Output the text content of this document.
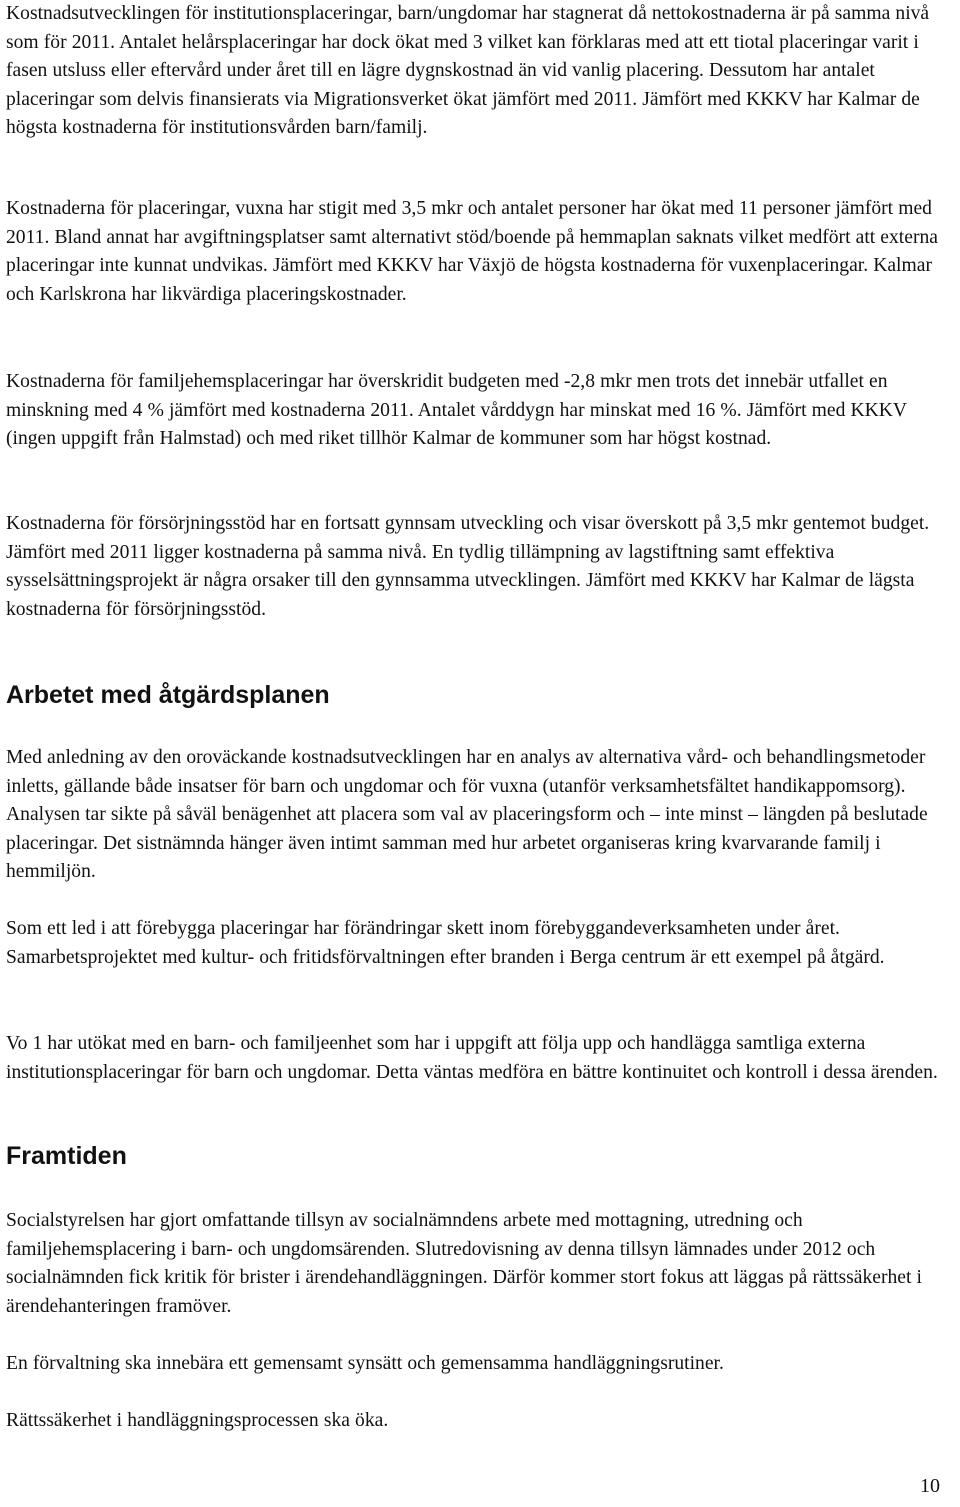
Kostnadsutvecklingen för institutionsplaceringar, barn/ungdomar har stagnerat då nettokostnaderna är på samma nivå som för 2011. Antalet helårsplaceringar har dock ökat med 3 vilket kan förklaras med att ett tiotal placeringar varit i fasen utsluss eller eftervård under året till en lägre dygnskostnad än vid vanlig placering. Dessutom har antalet placeringar som delvis finansierats via Migrationsverket ökat jämfört med 2011. Jämfört med KKKV har Kalmar de högsta kostnaderna för institutionsvården barn/familj.

Kostnaderna för placeringar, vuxna har stigit med 3,5 mkr och antalet personer har ökat med 11 personer jämfört med 2011. Bland annat har avgiftningsplatser samt alternativt stöd/boende på hemmaplan saknats vilket medfört att externa placeringar inte kunnat undvikas. Jämfört med KKKV har Växjö de högsta kostnaderna för vuxenplaceringar. Kalmar och Karlskrona har likvärdiga placeringskostnader.

Kostnaderna för familjehemsplaceringar har överskridit budgeten med -2,8 mkr men trots det innebär utfallet en minskning med 4 % jämfört med kostnaderna 2011. Antalet vårddygn har minskat med 16 %. Jämfört med KKKV (ingen uppgift från Halmstad) och med riket tillhör Kalmar de kommuner som har högst kostnad.

Kostnaderna för försörjningsstöd har en fortsatt gynnsam utveckling och visar överskott på 3,5 mkr gentemot budget. Jämfört med 2011 ligger kostnaderna på samma nivå. En tydlig tillämpning av lagstiftning samt effektiva sysselsättningsprojekt är några orsaker till den gynnsamma utvecklingen. Jämfört med KKKV har Kalmar de lägsta kostnaderna för försörjningsstöd.

Arbetet med åtgärdsplanen

Med anledning av den oroväckande kostnadsutvecklingen har en analys av alternativa vård- och behandlingsmetoder inletts, gällande både insatser för barn och ungdomar och för vuxna (utanför verksamhetsfältet handikappomsorg). Analysen tar sikte på såväl benägenhet att placera som val av placeringsform och – inte minst – längden på beslutade placeringar. Det sistnämnda hänger även intimt samman med hur arbetet organiseras kring kvarvarande familj i hemmiljön.

Som ett led i att förebygga placeringar har förändringar skett inom förebyggandeverksamheten under året. Samarbetsprojektet med kultur- och fritidsförvaltningen efter branden i Berga centrum är ett exempel på åtgärd.

Vo 1 har utökat med en barn- och familjeenhet som har i uppgift att följa upp och handlägga samtliga externa institutionsplaceringar för barn och ungdomar. Detta väntas medföra en bättre kontinuitet och kontroll i dessa ärenden.

Framtiden

Socialstyrelsen har gjort omfattande tillsyn av socialnämndens arbete med mottagning, utredning och familjehemsplacering i barn- och ungdomsärenden. Slutredovisning av denna tillsyn lämnades under 2012 och socialnämnden fick kritik för brister i ärendehandläggningen. Därför kommer stort fokus att läggas på rättssäkerhet i ärendehanteringen framöver.

En förvaltning ska innebära ett gemensamt synsätt och gemensamma handläggningsrutiner.

Rättssäkerhet i handläggningsprocessen ska öka.

10
